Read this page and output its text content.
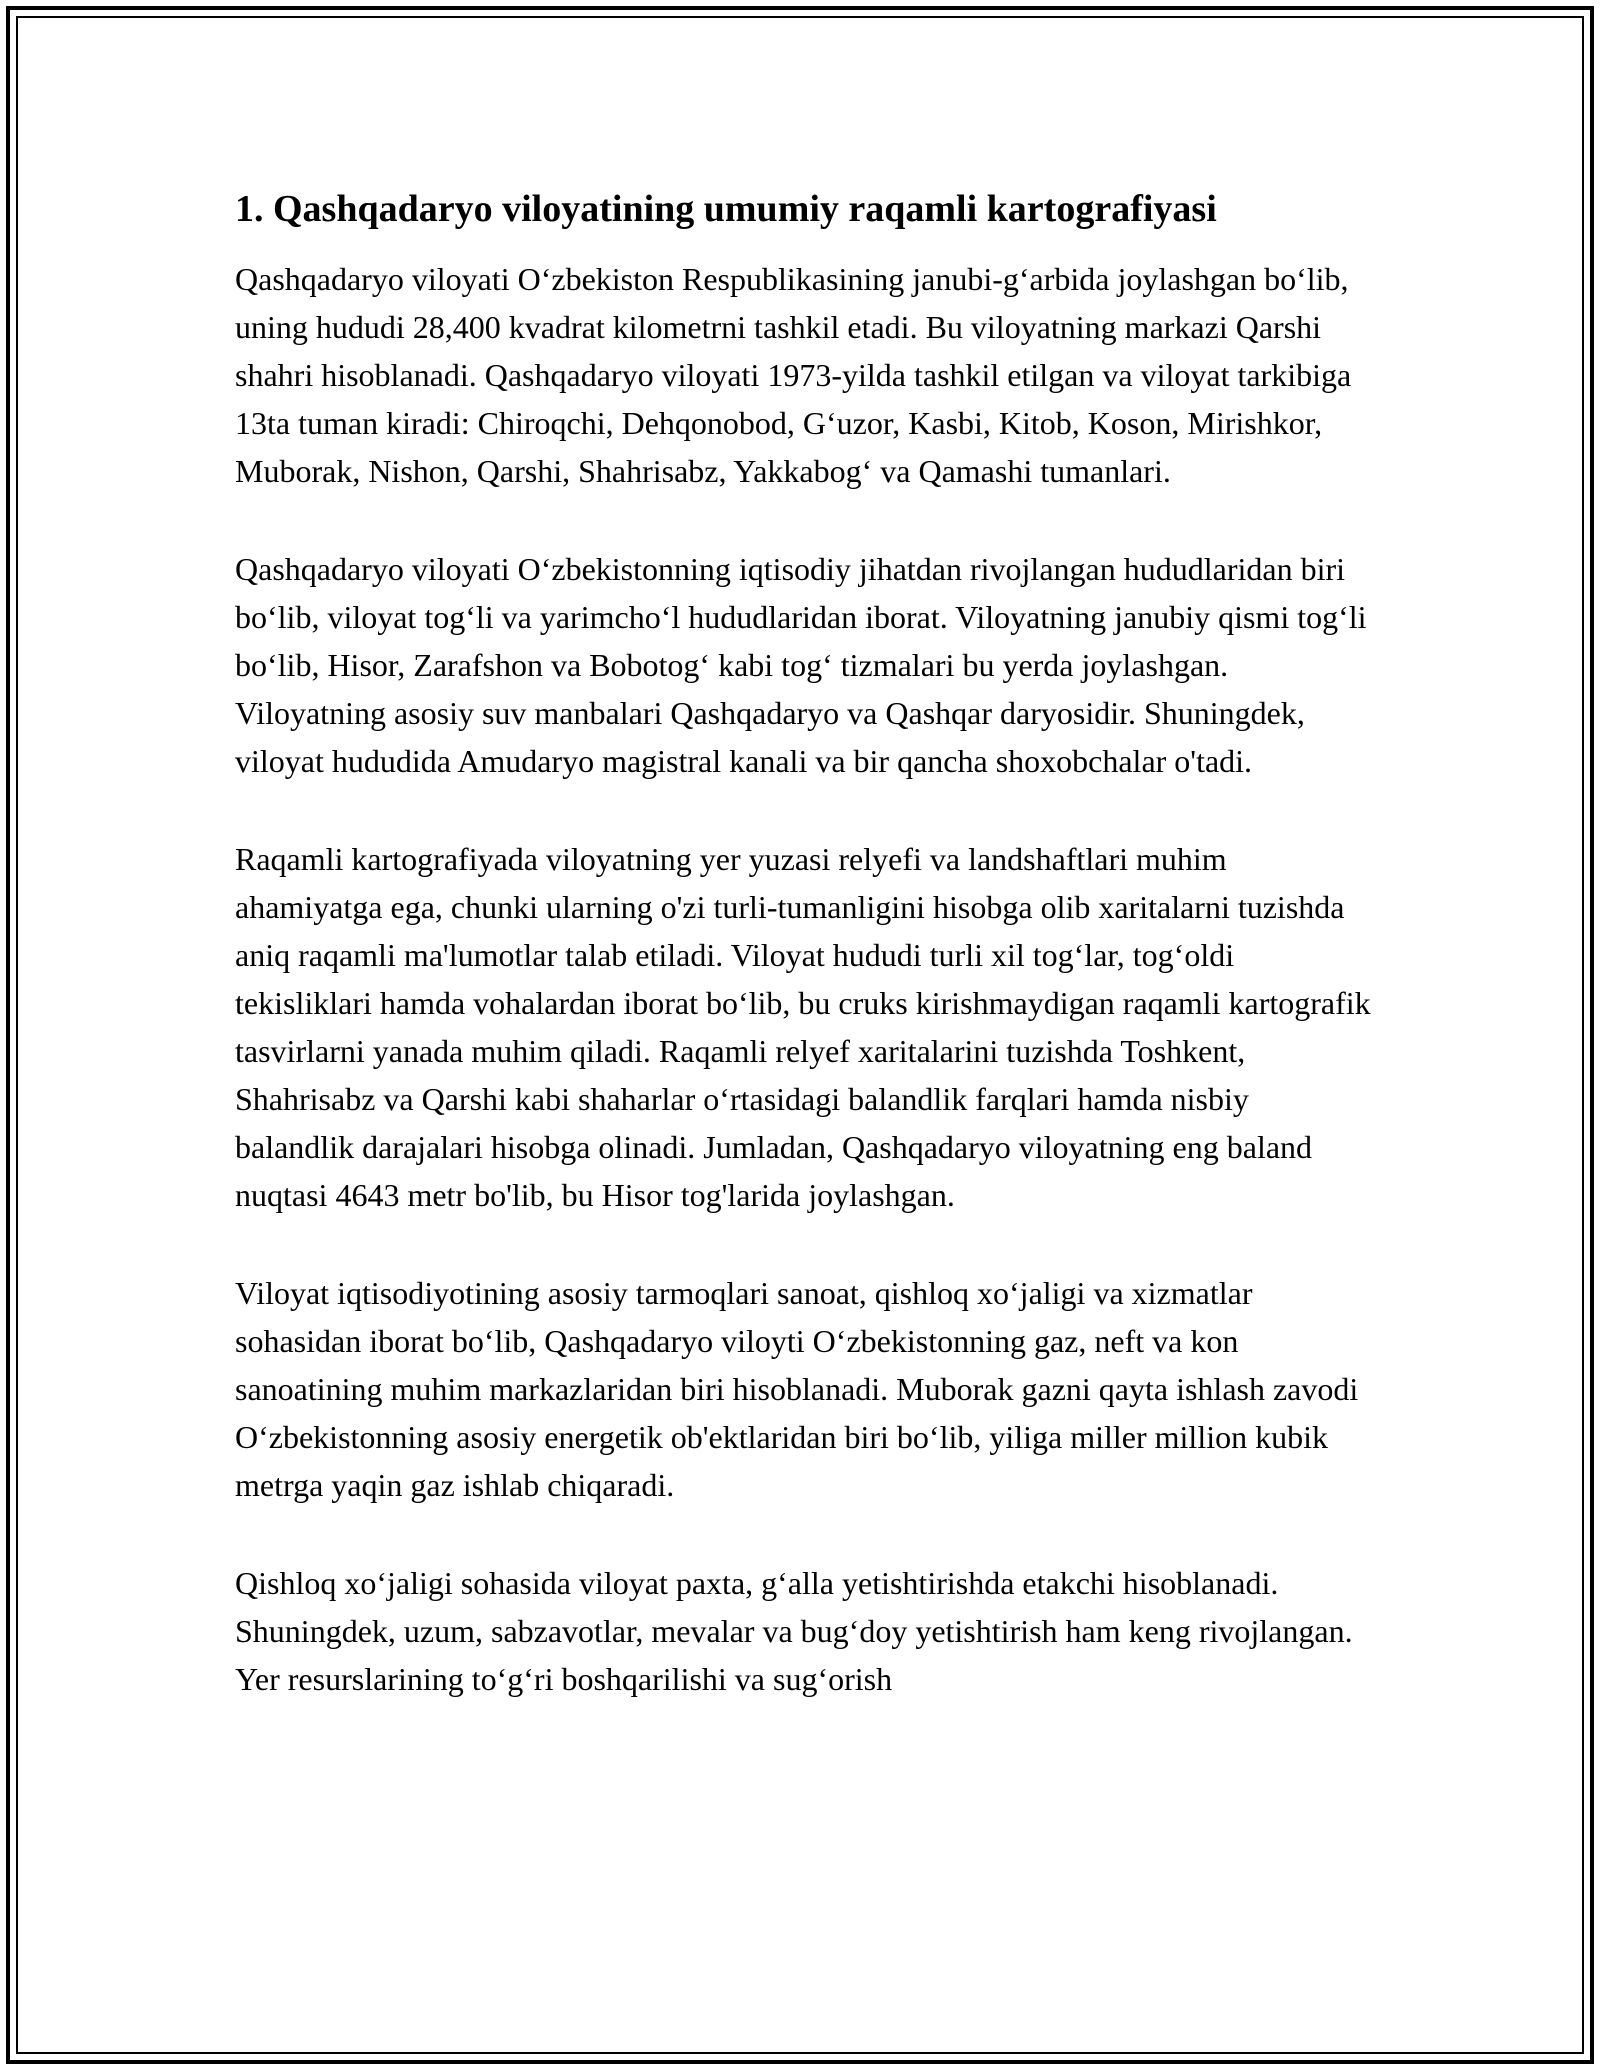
1. Qashqadaryo viloyatining umumiy raqamli kartografiyasi

Qashqadaryo viloyati O‘zbekiston Respublikasining janubi-g‘arbida joylashgan bo‘lib, uning hududi 28,400 kvadrat kilometrni tashkil etadi. Bu viloyatning markazi Qarshi shahri hisoblanadi. Qashqadaryo viloyati 1973-yilda tashkil etilgan va viloyat tarkibiga 13ta tuman kiradi: Chiroqchi, Dehqonobod, G‘uzor, Kasbi, Kitob, Koson, Mirishkor, Muborak, Nishon, Qarshi, Shahrisabz, Yakkabog‘ va Qamashi tumanlari.

Qashqadaryo viloyati O‘zbekistonning iqtisodiy jihatdan rivojlangan hududlaridan biri bo‘lib, viloyat tog‘li va yarimcho‘l hududlaridan iborat. Viloyatning janubiy qismi tog‘li bo‘lib, Hisor, Zarafshon va Bobotog‘ kabi tog‘ tizmalari bu yerda joylashgan. Viloyatning asosiy suv manbalari Qashqadaryo va Qashqar daryosidir. Shuningdek, viloyat hududida Amudaryo magistral kanali va bir qancha shoxobchalar o'tadi.

Raqamli kartografiyada viloyatning yer yuzasi relyefi va landshaftlari muhim ahamiyatga ega, chunki ularning o'zi turli-tumanligini hisobga olib xaritalarni tuzishda aniq raqamli ma'lumotlar talab etiladi. Viloyat hududi turli xil tog‘lar, tog‘oldi tekisliklari hamda vohalardan iborat bo‘lib, bu cruks kirishmaydigan raqamli kartografik tasvirlarni yanada muhim qiladi. Raqamli relyef xaritalarini tuzishda Toshkent, Shahrisabz va Qarshi kabi shaharlar o‘rtasidagi balandlik farqlari hamda nisbiy balandlik darajalari hisobga olinadi. Jumladan, Qashqadaryo viloyatning eng baland nuqtasi 4643 metr bo'lib, bu Hisor tog'larida joylashgan.

Viloyat iqtisodiyotining asosiy tarmoqlari sanoat, qishloq xo‘jaligi va xizmatlar sohasidan iborat bo‘lib, Qashqadaryo viloyti O‘zbekistonning gaz, neft va kon sanoatining muhim markazlaridan biri hisoblanadi. Muborak gazni qayta ishlash zavodi O‘zbekistonning asosiy energetik ob'ektlaridan biri bo‘lib, yiliga miller million kubik metrga yaqin gaz ishlab chiqaradi.

Qishloq xo‘jaligi sohasida viloyat paxta, g‘alla yetishtirishda etakchi hisoblanadi. Shuningdek, uzum, sabzavotlar, mevalar va bug‘doy yetishtirish ham keng rivojlangan. Yer resurslarining to‘g‘ri boshqarilishi va sug‘orish
